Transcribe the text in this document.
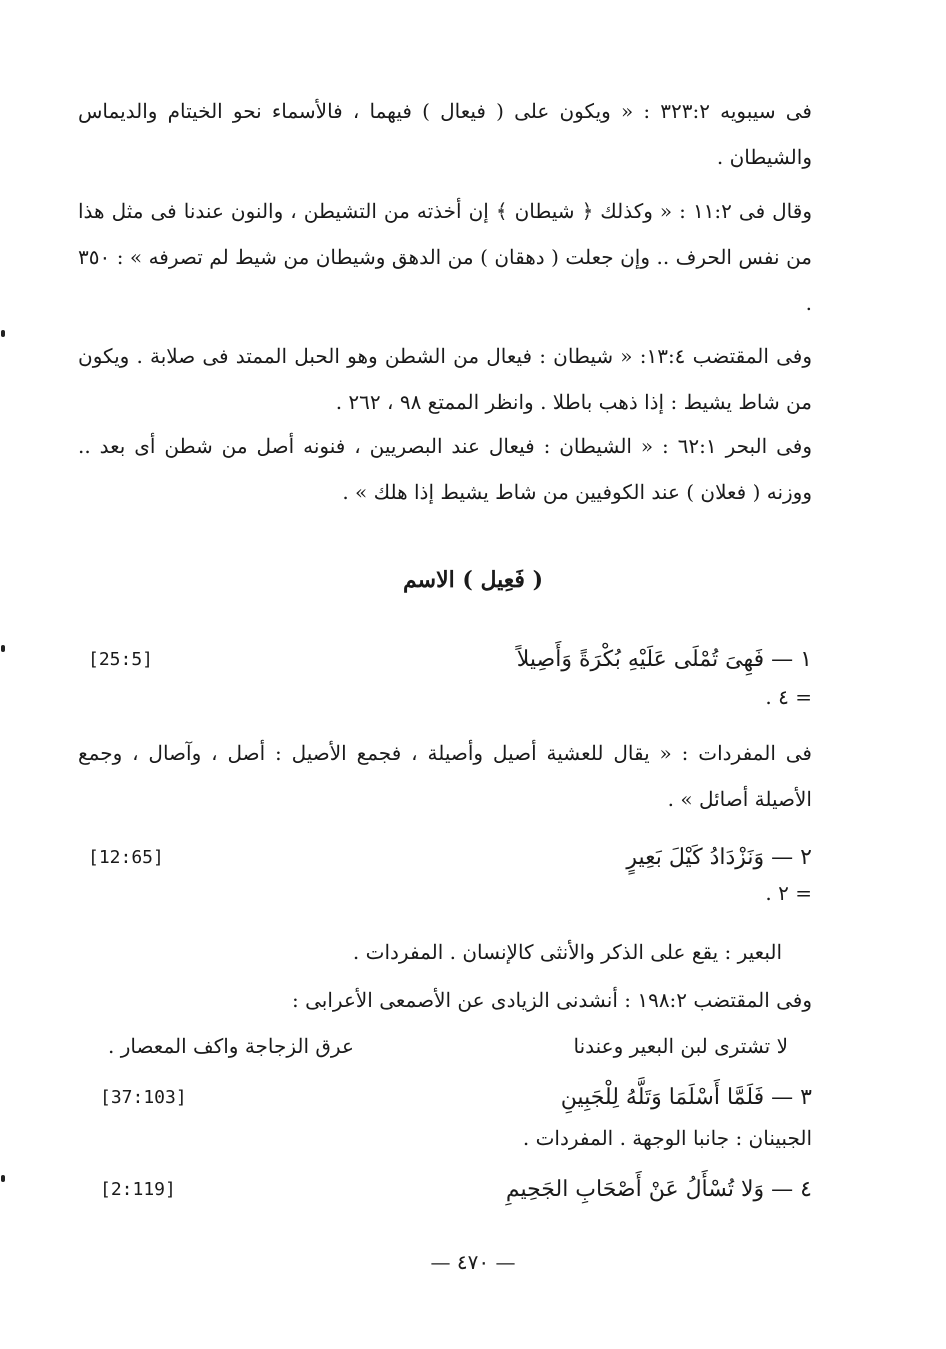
فى سيبويه ٣٢٣:٢ : « ويكون على ( فيعال ) فيهما ، فالأسماء نحو الخيتام والديماس والشيطان .

وقال فى ١١:٢ : « وكذلك ﴿ شيطان ﴾ إن أخذته من التشيطن ، والنون عندنا فى مثل هذا من نفس الحرف .. وإن جعلت ( دهقان ) من الدهق وشيطان من شيط لم تصرفه » : ٣٥٠ .

وفى المقتضب ١٣:٤: « شيطان : فيعال من الشطن وهو الحبل الممتد فى صلابة . ويكون من شاط يشيط : إذا ذهب باطلا . وانظر الممتع ٩٨ ، ٢٦٢ .

وفى البحر ٦٢:١ : « الشيطان : فيعال عند البصريين ، فنونه أصل من شطن أى بعد .. ووزنه ( فعلان ) عند الكوفيين من شاط يشيط إذا هلك » .

( فَعِيل ) الاسم
١ — فَهِىَ تُمْلَى عَلَيْهِ بُكْرَةً وَأَصِيلاً
[25:5]
= ٤ .

فى المفردات : « يقال للعشية أصيل وأصيلة ، فجمع الأصيل : أصل ، وآصال ، وجمع الأصيلة أصائل » .

٢ — وَنَزْدَادُ كَيْلَ بَعِيرٍ
[12:65]
= ٢ .
البعير : يقع على الذكر والأنثى كالإنسان . المفردات .
وفى المقتضب ١٩٨:٢ : أنشدنى الزيادى عن الأصمعى الأعرابى :
لا تشترى لبن البعير وعندنا
عرق الزجاجة واكف المعصار .
٣ — فَلَمَّا أَسْلَمَا وَتَلَّهُ لِلْجَبِينِ
[37:103]
الجبينان : جانبا الوجهة . المفردات .
٤ — وَلا تُسْأَلُ عَنْ أَصْحَابِ الجَحِيمِ
[2:119]
— ٤٧٠ —
